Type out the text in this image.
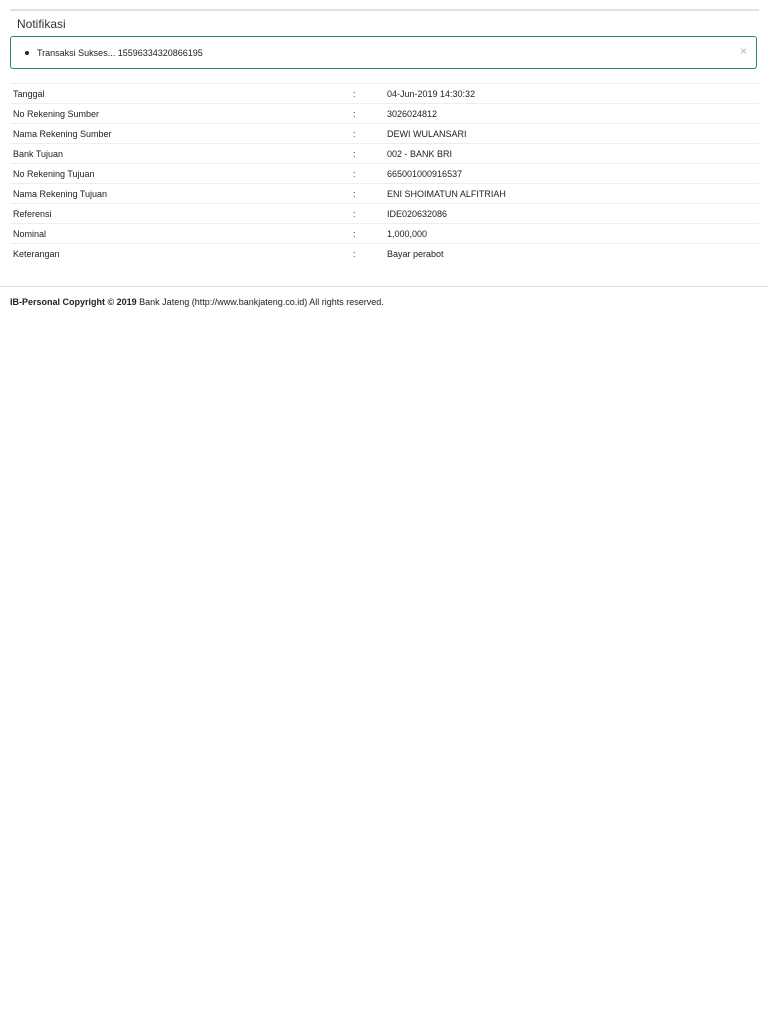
Notifikasi
Transaksi Sukses... 155963343208661​95	×
Tanggal	:	04-Jun-2019 14:30:32
No Rekening Sumber	:	3026024812
Nama Rekening Sumber	:	DEWI WULANSARI
Bank Tujuan	:	002 - BANK BRI
No Rekening Tujuan	:	665001000916537
Nama Rekening Tujuan	:	ENI SHOIMATUN ALFITRIAH
Referensi	:	IDE020632086
Nominal	:	1,000,000
Keterangan	:	Bayar perabot
IB-Personal Copyright © 2019 Bank Jateng (http://www.bankjateng.co.id) All rights reserved.
